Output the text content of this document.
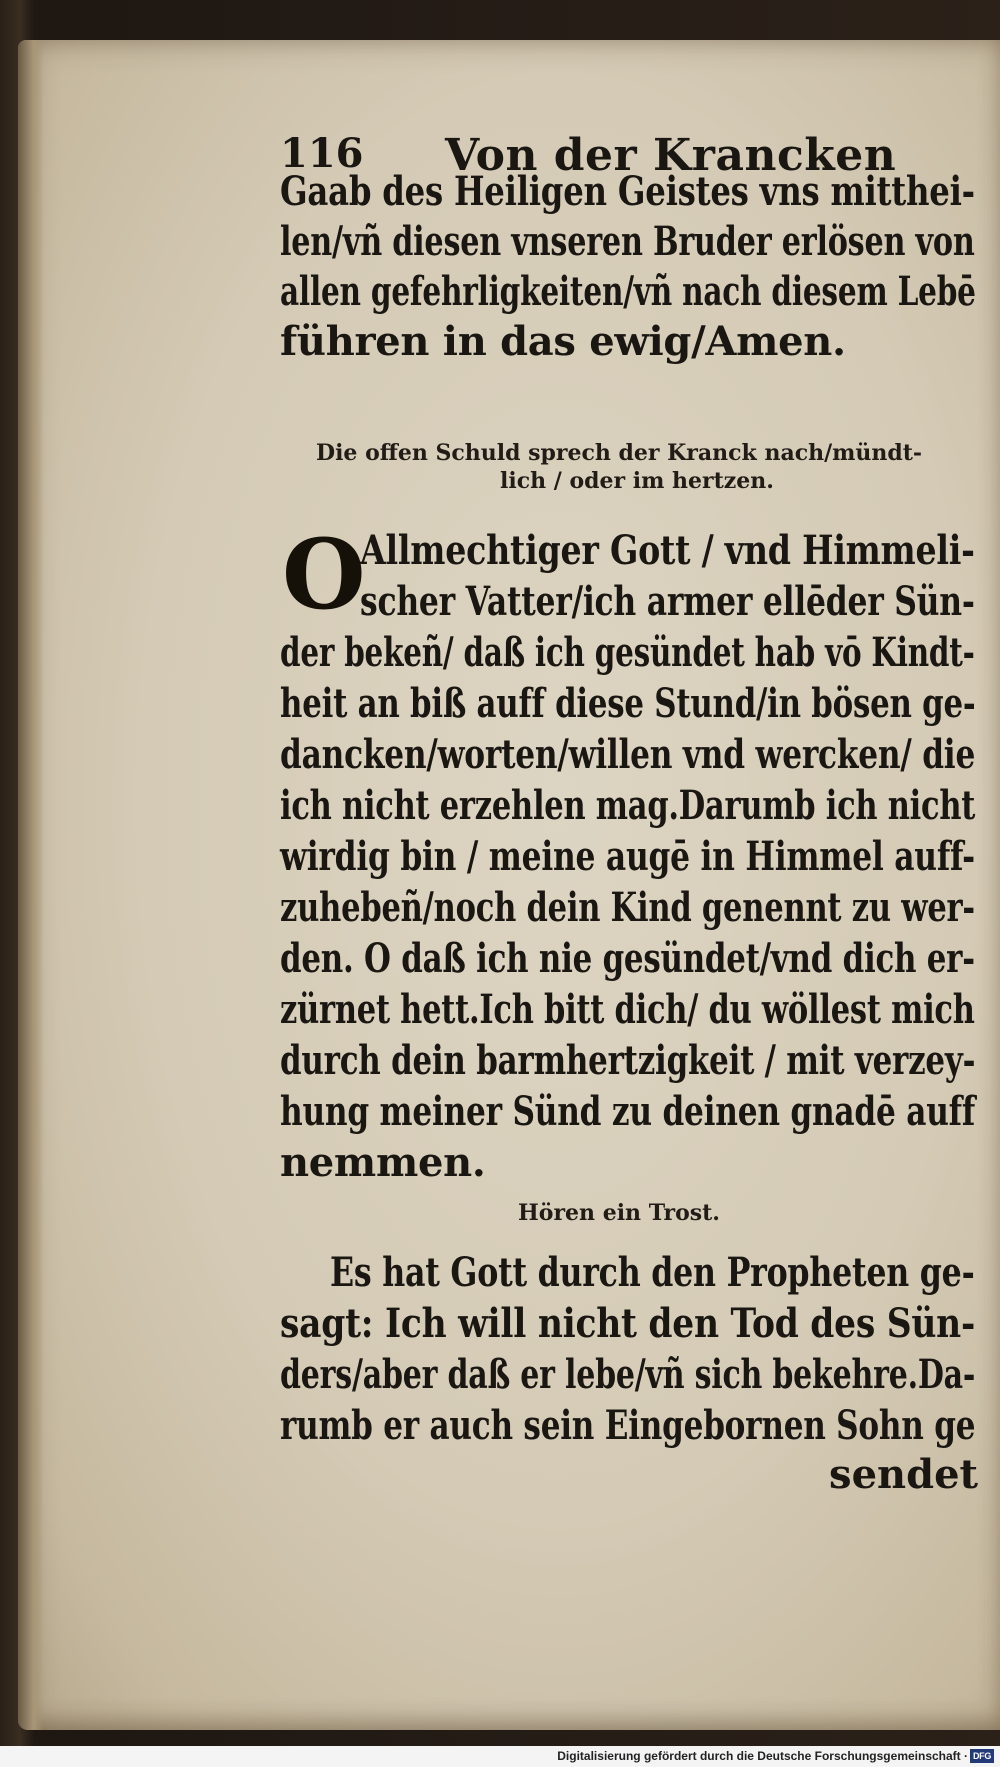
116 Von der Krancken
Gaab des Heiligen Geistes vns mitthei-
len/vñ diesen vnseren Bruder erlösen von
allen gefehrligkeiten/vñ nach diesem Lebē
führen in das ewig/Amen.
Die offen Schuld sprech der Kranck nach/mündt-
lich / oder im hertzen.
O
Allmechtiger Gott / vnd Himmeli-
scher Vatter/ich armer ellēder Sün-
der bekeñ/ daß ich gesündet hab vō Kindt-
heit an biß auff diese Stund/in bösen ge-
dancken/worten/willen vnd wercken/ die
ich nicht erzehlen mag.Darumb ich nicht
wirdig bin / meine augē in Himmel auff-
zuhebeñ/noch dein Kind genennt zu wer-
den. O daß ich nie gesündet/vnd dich er-
zürnet hett.Ich bitt dich/ du wöllest mich
durch dein barmhertzigkeit / mit verzey-
hung meiner Sünd zu deinen gnadē auff
nemmen.
Hören ein Trost.
Es hat Gott durch den Propheten ge-
sagt: Ich will nicht den Tod des Sün-
ders/aber daß er lebe/vñ sich bekehre.Da-
rumb er auch sein Eingebornen Sohn ge
sendet
Digitalisierung gefördert durch die Deutsche Forschungsgemeinschaft · DFG
